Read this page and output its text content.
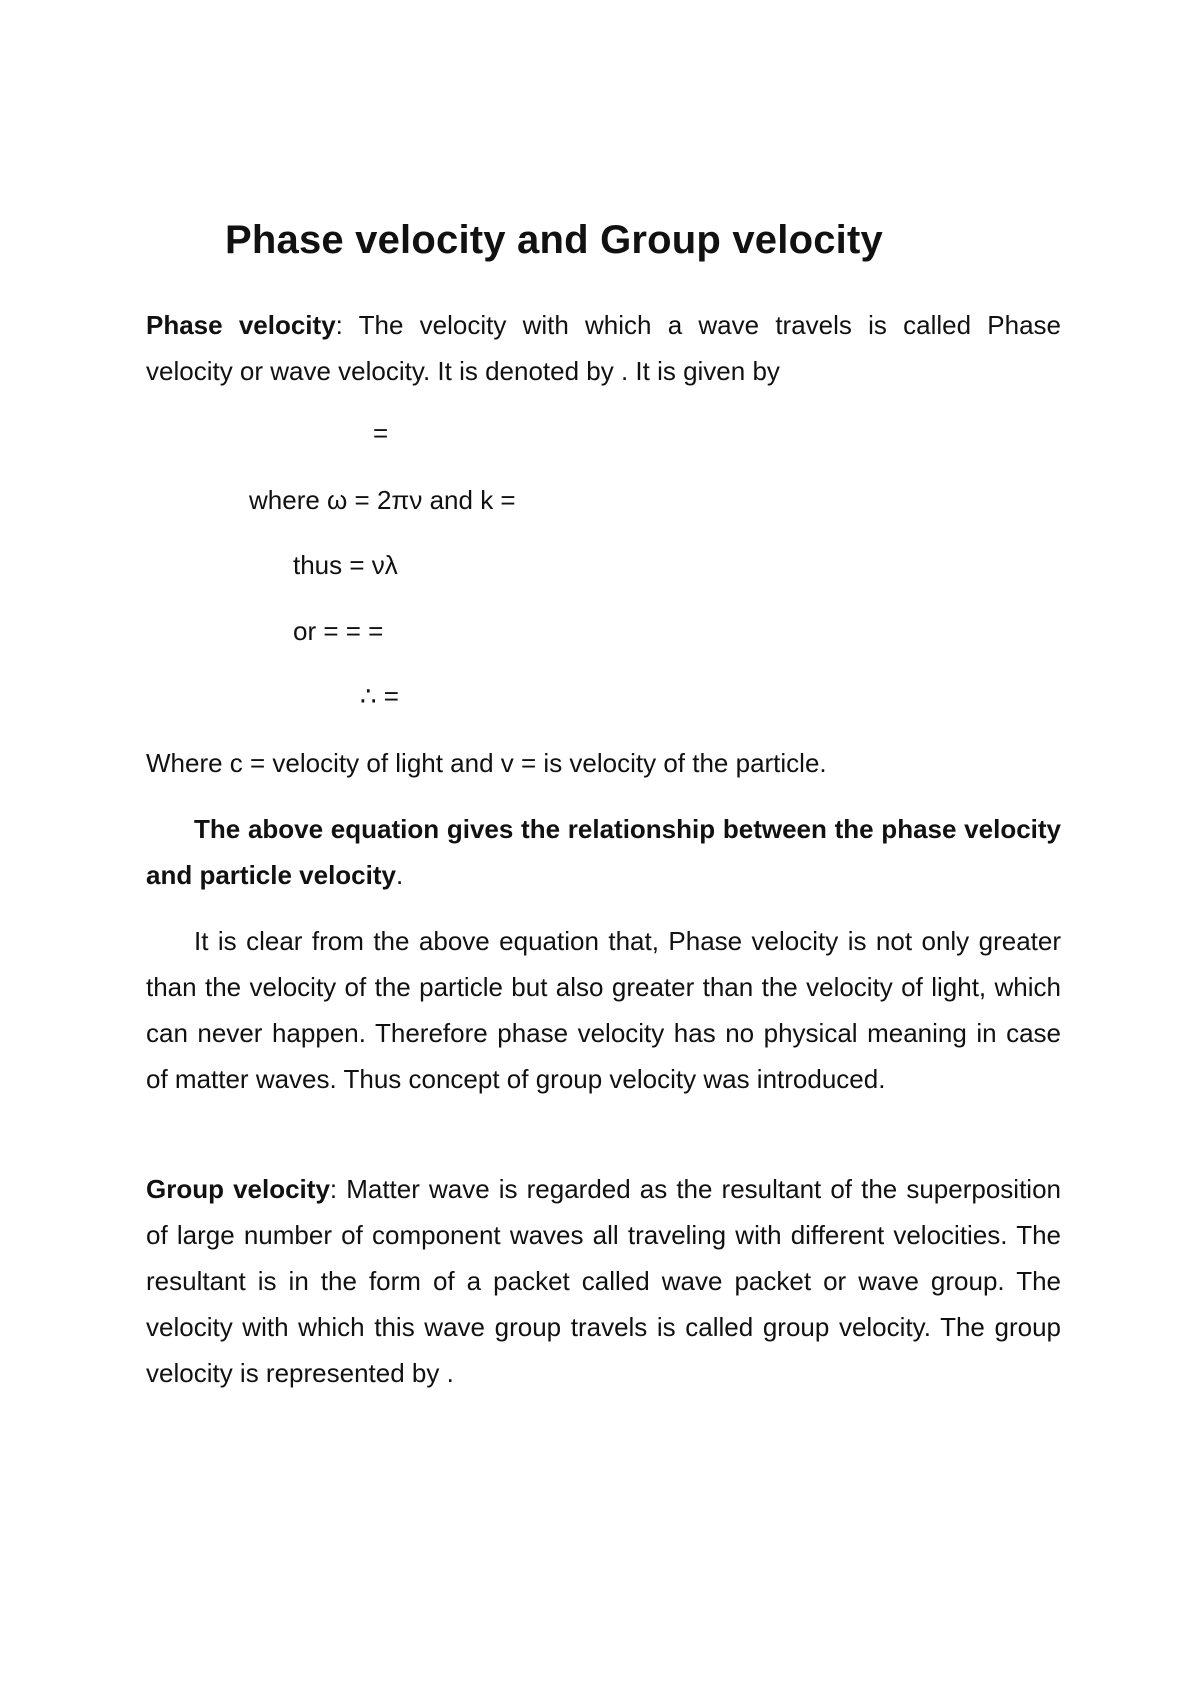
Phase velocity and Group velocity

Phase velocity: The velocity with which a wave travels is called Phase

velocity or wave velocity. It is denoted by . It is given by

=

where ω = 2πν and k =

thus = νλ

or = = =

∴ =

Where c = velocity of light and v = is velocity of the particle.

The above equation gives the relationship between the phase velocity and particle velocity.

It is clear from the above equation that, Phase velocity is not only greater than the velocity of the particle but also greater than the velocity of light, which can never happen. Therefore phase velocity has no physical meaning in case of matter waves. Thus concept of group velocity was introduced.

Group velocity: Matter wave is regarded as the resultant of the superposition of large number of component waves all traveling with different velocities. The resultant is in the form of a packet called wave packet or wave group. The velocity with which this wave group travels is called group velocity. The group velocity is represented by .
